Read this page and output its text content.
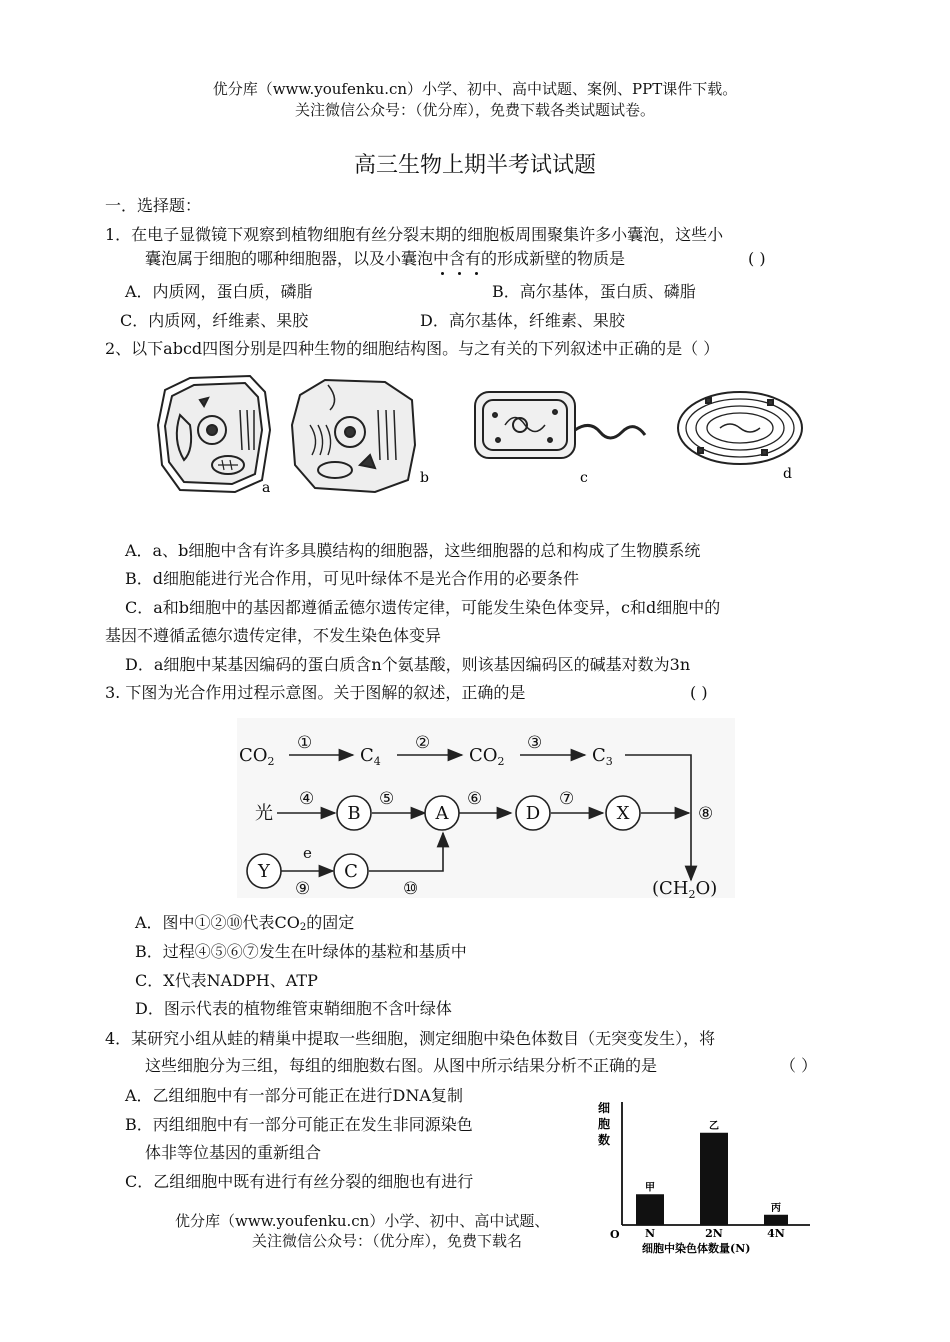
优分库（www.youfenku.cn）小学、初中、高中试题、案例、PPT课件下载。
关注微信公众号：（优分库），免费下载各类试题试卷。
高三生物上期半考试试题
一．选择题：
1．在电子显微镜下观察到植物细胞有丝分裂末期的细胞板周围聚集许多小囊泡，这些小
囊泡属于细胞的哪种细胞器，以及小囊泡中含有的形成新壁的物质是	( )
A．内质网，蛋白质，磷脂	B．高尔基体，蛋白质、磷脂
C．内质网，纤维素、果胶	D．高尔基体，纤维素、果胶
2、以下abcd四图分别是四种生物的细胞结构图。与之有关的下列叙述中正确的是（ ）
a
b	c	d
A．a、b细胞中含有许多具膜结构的细胞器，这些细胞器的总和构成了生物膜系统
B．d细胞能进行光合作用，可见叶绿体不是光合作用的必要条件
C．a和b细胞中的基因都遵循孟德尔遗传定律，可能发生染色体变异，c和d细胞中的
基因不遵循孟德尔遗传定律，不发生染色体变异
D．a细胞中某基因编码的蛋白质含n个氨基酸，则该基因编码区的碱基对数为3n
3. 下图为光合作用过程示意图。关于图解的叙述，正确的是	( )
$CO_2$	$C_4$	$CO_2$	$C_3$
①	②	③
光
④	⑤	⑥	⑦
⑧
e
⑨	⑩	$(CH_2O)$
B	A	D	X
Y	C
A．图中①②⑩代表$CO_2$的固定
B．过程④⑤⑥⑦发生在叶绿体的基粒和基质中
C．X代表NADPH、ATP
D．图示代表的植物维管束鞘细胞不含叶绿体
4．某研究小组从蛙的精巢中提取一些细胞，测定细胞中染色体数目（无突变发生），将
这些细胞分为三组，每组的细胞数右图。从图中所示结果分析不正确的是	（ ）
A．乙组细胞中有一部分可能正在进行DNA复制
B．丙组细胞中有一部分可能正在发生非同源染色
体非等位基因的重新组合
C．乙组细胞中既有进行有丝分裂的细胞也有进行
细
胞
数
O
细胞中染色体数量(N)
甲
N
乙
2N
丙
4N
优分库（www.youfenku.cn）小学、初中、高中试题、
关注微信公众号：（优分库），免费下载名
